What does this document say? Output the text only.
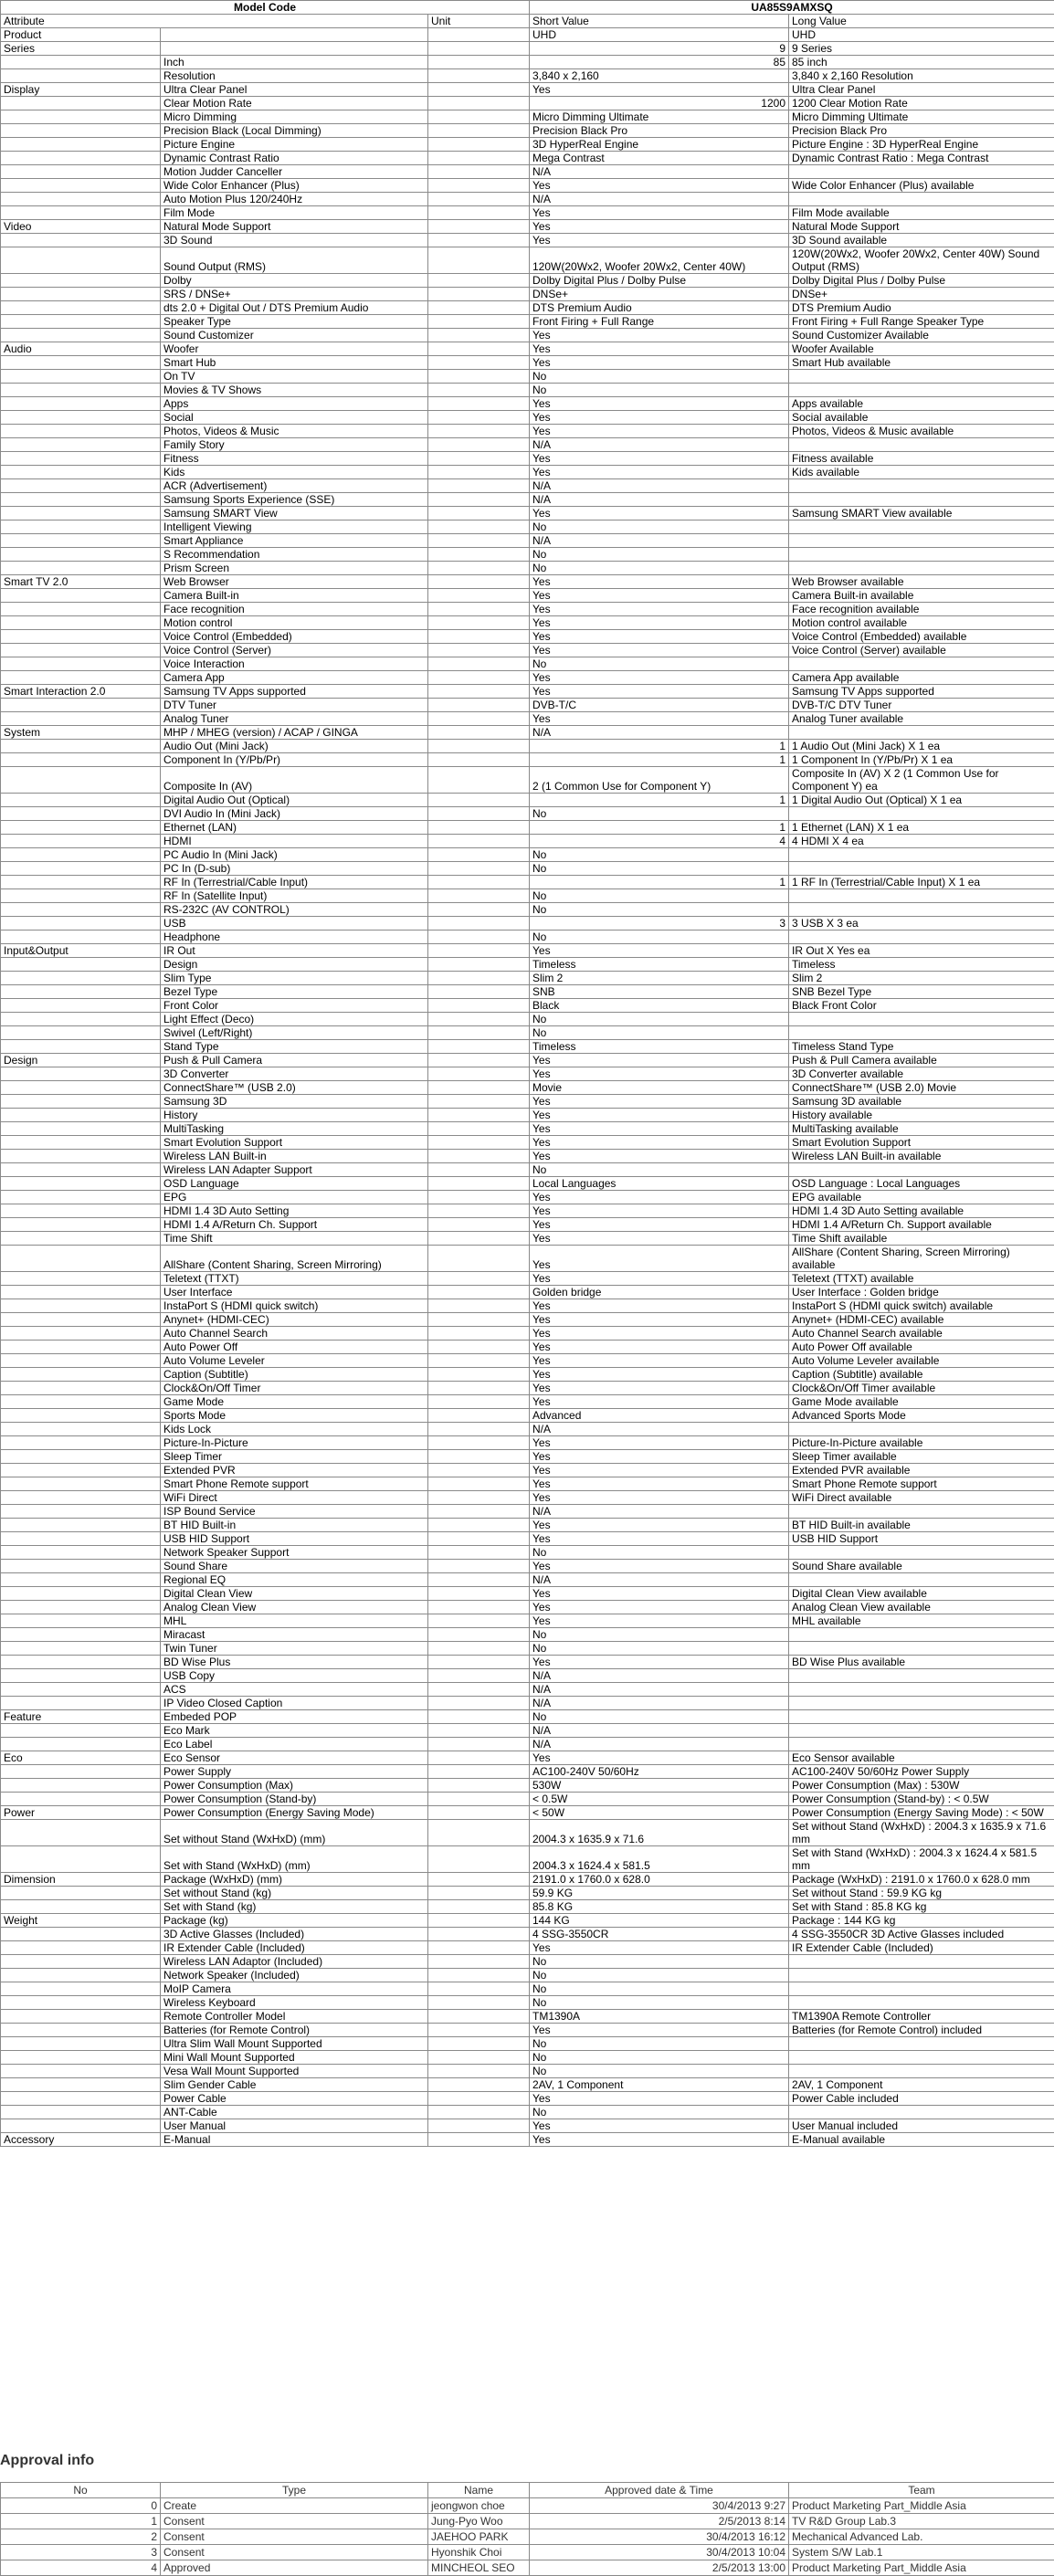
Model Code			UA85S9AMXSQ	
Attribute		Unit	Short Value	Long Value
Product			UHD	UHD
Series			9	9 Series
	Inch		85	85 inch
	Resolution		3,840 x 2,160	3,840 x 2,160 Resolution
Display	Ultra Clear Panel		Yes	Ultra Clear Panel
	Clear Motion Rate		1200	1200 Clear Motion Rate
	Micro Dimming		Micro Dimming Ultimate	Micro Dimming Ultimate
	Precision Black (Local Dimming)		Precision Black Pro	Precision Black Pro
	Picture Engine		3D HyperReal Engine	Picture Engine : 3D HyperReal Engine
	Dynamic Contrast Ratio		Mega Contrast	Dynamic Contrast Ratio : Mega Contrast
	Motion Judder Canceller		N/A	
	Wide Color Enhancer (Plus)		Yes	Wide Color Enhancer (Plus) available
	Auto Motion Plus 120/240Hz		N/A	
	Film Mode		Yes	Film Mode available
Video	Natural Mode Support		Yes	Natural Mode Support
	3D Sound		Yes	3D Sound available
	Sound Output (RMS)		120W(20Wx2, Woofer 20Wx2, Center 40W)	120W(20Wx2, Woofer 20Wx2, Center 40W) Sound Output (RMS)
	Dolby		Dolby Digital Plus / Dolby Pulse	Dolby Digital Plus / Dolby Pulse
	SRS / DNSe+		DNSe+	DNSe+
	dts 2.0 + Digital Out / DTS Premium Audio		DTS Premium Audio	DTS Premium Audio
	Speaker Type		Front Firing + Full Range	Front Firing + Full Range Speaker Type
	Sound Customizer		Yes	Sound Customizer Available
Audio	Woofer		Yes	Woofer Available
	Smart Hub		Yes	Smart Hub available
	On TV		No	
	Movies & TV Shows		No	
	Apps		Yes	Apps available
	Social		Yes	Social available
	Photos, Videos & Music		Yes	Photos, Videos & Music available
	Family Story		N/A	
	Fitness		Yes	Fitness available
	Kids		Yes	Kids available
	ACR (Advertisement)		N/A	
	Samsung Sports Experience (SSE)		N/A	
	Samsung SMART View		Yes	Samsung SMART View available
	Intelligent Viewing		No	
	Smart Appliance		N/A	
	S Recommendation		No	
	Prism Screen		No	
Smart TV 2.0	Web Browser		Yes	Web Browser available
	Camera Built-in		Yes	Camera Built-in available
	Face recognition		Yes	Face recognition available
	Motion control		Yes	Motion control available
	Voice Control (Embedded)		Yes	Voice Control (Embedded) available
	Voice Control (Server)		Yes	Voice Control (Server) available
	Voice Interaction		No	
	Camera App		Yes	Camera App available
Smart Interaction 2.0	Samsung TV Apps supported		Yes	Samsung TV Apps supported
	DTV Tuner		DVB-T/C	DVB-T/C DTV Tuner
	Analog Tuner		Yes	Analog Tuner available
System	MHP / MHEG (version) / ACAP / GINGA		N/A	
	Audio Out (Mini Jack)		1	1 Audio Out (Mini Jack) X 1 ea
	Component In (Y/Pb/Pr)		1	1 Component In (Y/Pb/Pr) X 1 ea
	Composite In (AV)		2 (1 Common Use for Component Y)	Composite In (AV) X 2 (1 Common Use for Component Y) ea
	Digital Audio Out (Optical)		1	1 Digital Audio Out (Optical) X 1 ea
	DVI Audio In (Mini Jack)		No	
	Ethernet (LAN)		1	1 Ethernet (LAN) X 1 ea
	HDMI		4	4 HDMI X 4 ea
	PC Audio In (Mini Jack)		No	
	PC In (D-sub)		No	
	RF In (Terrestrial/Cable Input)		1	1 RF In (Terrestrial/Cable Input) X 1 ea
	RF In (Satellite Input)		No	
	RS-232C (AV CONTROL)		No	
	USB		3	3 USB X 3 ea
	Headphone		No	
Input&Output	IR Out		Yes	IR Out X Yes ea
	Design		Timeless	Timeless
	Slim Type		Slim 2	Slim 2
	Bezel Type		SNB	SNB Bezel Type
	Front Color		Black	Black Front Color
	Light Effect (Deco)		No	
	Swivel (Left/Right)		No	
	Stand Type		Timeless	Timeless Stand Type
Design	Push & Pull Camera		Yes	Push & Pull Camera available
	3D Converter		Yes	3D Converter available
	ConnectShare™ (USB 2.0)		Movie	ConnectShare™ (USB 2.0) Movie
	Samsung 3D		Yes	Samsung 3D available
	History		Yes	History available
	MultiTasking		Yes	MultiTasking available
	Smart Evolution Support		Yes	Smart Evolution Support
	Wireless LAN Built-in		Yes	Wireless LAN Built-in available
	Wireless LAN Adapter Support		No	
	OSD Language		Local Languages	OSD Language : Local Languages
	EPG		Yes	EPG available
	HDMI 1.4 3D Auto Setting		Yes	HDMI 1.4 3D Auto Setting available
	HDMI 1.4 A/Return Ch. Support		Yes	HDMI 1.4 A/Return Ch. Support available
	Time Shift		Yes	Time Shift available
	AllShare (Content Sharing, Screen Mirroring)		Yes	AllShare (Content Sharing, Screen Mirroring) available
	Teletext (TTXT)		Yes	Teletext (TTXT) available
	User Interface		Golden bridge	User Interface : Golden bridge
	InstaPort S (HDMI quick switch)		Yes	InstaPort S (HDMI quick switch) available
	Anynet+ (HDMI-CEC)		Yes	Anynet+ (HDMI-CEC) available
	Auto Channel Search		Yes	Auto Channel Search available
	Auto Power Off		Yes	Auto Power Off available
	Auto Volume Leveler		Yes	Auto Volume Leveler available
	Caption (Subtitle)		Yes	Caption (Subtitle) available
	Clock&On/Off Timer		Yes	Clock&On/Off Timer available
	Game Mode		Yes	Game Mode available
	Sports Mode		Advanced	Advanced Sports Mode
	Kids Lock		N/A	
	Picture-In-Picture		Yes	Picture-In-Picture available
	Sleep Timer		Yes	Sleep Timer available
	Extended PVR		Yes	Extended PVR available
	Smart Phone Remote support		Yes	Smart Phone Remote support
	WiFi Direct		Yes	WiFi Direct available
	ISP Bound Service		N/A	
	BT HID Built-in		Yes	BT HID Built-in available
	USB HID Support		Yes	USB HID Support
	Network Speaker Support		No	
	Sound Share		Yes	Sound Share available
	Regional EQ		N/A	
	Digital Clean View		Yes	Digital Clean View available
	Analog Clean View		Yes	Analog Clean View available
	MHL		Yes	MHL available
	Miracast		No	
	Twin Tuner		No	
	BD Wise Plus		Yes	BD Wise Plus available
	USB Copy		N/A	
	ACS		N/A	
	IP Video Closed Caption		N/A	
Feature	Embeded POP		No	
	Eco Mark		N/A	
	Eco Label		N/A	
Eco	Eco Sensor		Yes	Eco Sensor available
	Power Supply		AC100-240V 50/60Hz	AC100-240V 50/60Hz Power Supply
	Power Consumption (Max)		530W	Power Consumption (Max) : 530W
	Power Consumption (Stand-by)		< 0.5W	Power Consumption (Stand-by) : < 0.5W
Power	Power Consumption (Energy Saving Mode)		< 50W	Power Consumption (Energy Saving Mode) : < 50W
	Set without Stand (WxHxD) (mm)		2004.3 x 1635.9 x 71.6	Set without Stand (WxHxD) : 2004.3 x 1635.9 x 71.6 mm
	Set with Stand (WxHxD) (mm)		2004.3 x 1624.4 x 581.5	Set with Stand (WxHxD) : 2004.3 x 1624.4 x 581.5 mm
Dimension	Package (WxHxD) (mm)		2191.0 x 1760.0 x 628.0	Package (WxHxD) : 2191.0 x 1760.0 x 628.0 mm
	Set without Stand (kg)		59.9 KG	Set without Stand : 59.9 KG kg
	Set with Stand (kg)		85.8 KG	Set with Stand : 85.8 KG kg
Weight	Package (kg)		144 KG	Package : 144 KG kg
	3D Active Glasses (Included)		4 SSG-3550CR	4 SSG-3550CR 3D Active Glasses included
	IR Extender Cable (Included)		Yes	IR Extender Cable (Included)
	Wireless LAN Adaptor (Included)		No	
	Network Speaker (Included)		No	
	MoIP Camera		No	
	Wireless Keyboard		No	
	Remote Controller Model		TM1390A	TM1390A Remote Controller
	Batteries (for Remote Control)		Yes	Batteries (for Remote Control) included
	Ultra Slim Wall Mount Supported		No	
	Mini Wall Mount Supported		No	
	Vesa Wall Mount Supported		No	
	Slim Gender Cable		2AV, 1 Component	2AV, 1 Component
	Power Cable		Yes	Power Cable included
	ANT-Cable		No	
	User Manual		Yes	User Manual included
Accessory	E-Manual		Yes	E-Manual available
Approval info
No	Type	Name	Approved date & Time	Team
0	Create	jeongwon choe	30/4/2013 9:27	Product Marketing Part_Middle Asia
1	Consent	Jung-Pyo Woo	2/5/2013 8:14	TV R&D Group Lab.3
2	Consent	JAEHOO PARK	30/4/2013 16:12	Mechanical Advanced Lab.
3	Consent	Hyonshik Choi	30/4/2013 10:04	System S/W Lab.1
4	Approved	MINCHEOL SEO	2/5/2013 13:00	Product Marketing Part_Middle Asia
